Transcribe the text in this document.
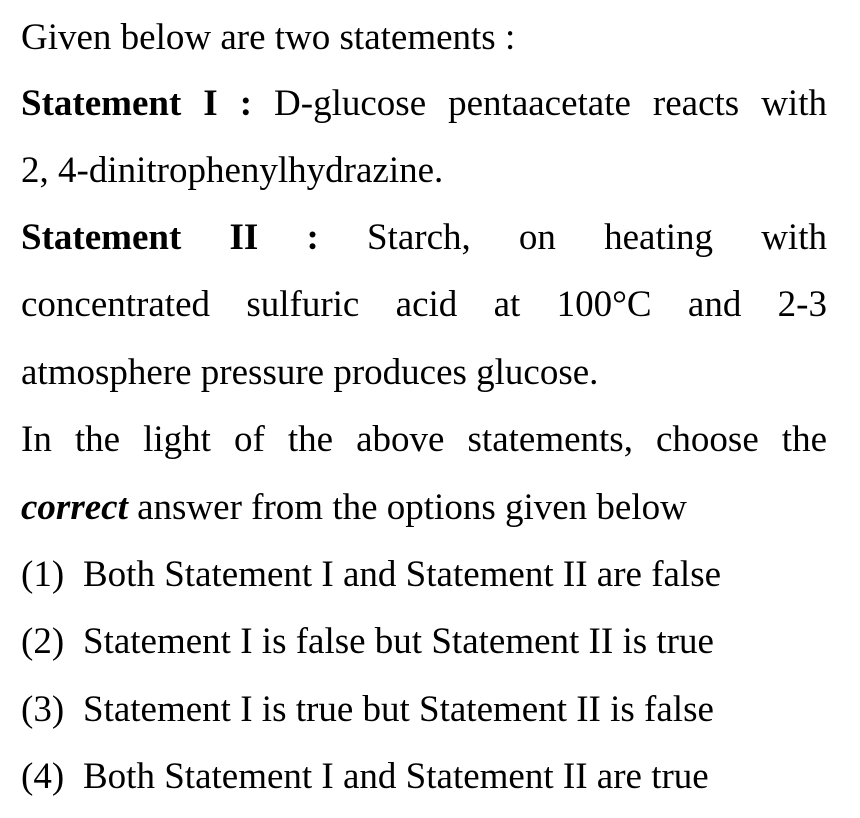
Given below are two statements :
Statement I : D-glucose pentaacetate reacts with
2, 4-dinitrophenylhydrazine.
Statement II : Starch, on heating with
concentrated sulfuric acid at 100°C and 2-3
atmosphere pressure produces glucose.
In the light of the above statements, choose the
correct answer from the options given below
(1) Both Statement I and Statement II are false
(2) Statement I is false but Statement II is true
(3) Statement I is true but Statement II is false
(4) Both Statement I and Statement II are true
